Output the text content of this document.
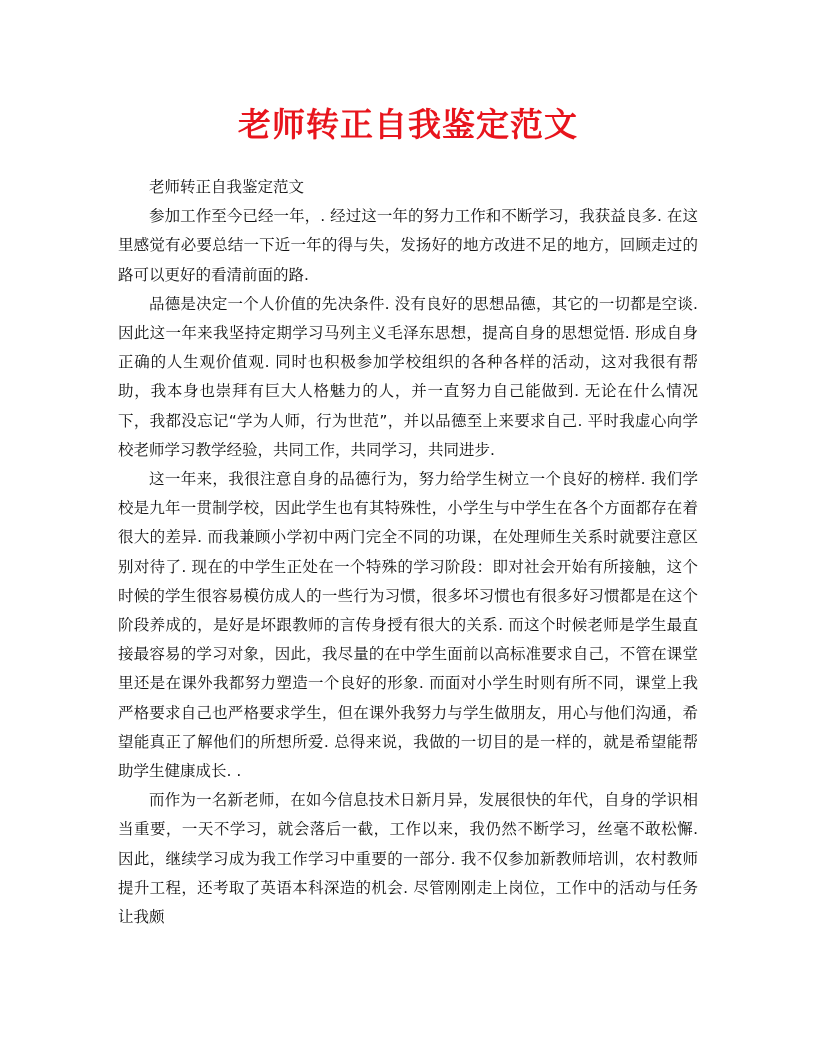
老师转正自我鉴定范文

老师转正自我鉴定范文

参加工作至今已经一年，. 经过这一年的努力工作和不断学习，我获益良多. 在这里感觉有必要总结一下近一年的得与失，发扬好的地方改进不足的地方，回顾走过的路可以更好的看清前面的路.

品德是决定一个人价值的先决条件. 没有良好的思想品德，其它的一切都是空谈. 因此这一年来我坚持定期学习马列主义毛泽东思想，提高自身的思想觉悟. 形成自身正确的人生观价值观. 同时也积极参加学校组织的各种各样的活动，这对我很有帮助，我本身也崇拜有巨大人格魅力的人，并一直努力自己能做到. 无论在什么情况下，我都没忘记“学为人师，行为世范”，并以品德至上来要求自己. 平时我虚心向学校老师学习教学经验，共同工作，共同学习，共同进步.

这一年来，我很注意自身的品德行为，努力给学生树立一个良好的榜样. 我们学校是九年一贯制学校，因此学生也有其特殊性，小学生与中学生在各个方面都存在着很大的差异. 而我兼顾小学初中两门完全不同的功课，在处理师生关系时就要注意区别对待了. 现在的中学生正处在一个特殊的学习阶段：即对社会开始有所接触，这个时候的学生很容易模仿成人的一些行为习惯，很多坏习惯也有很多好习惯都是在这个阶段养成的，是好是坏跟教师的言传身授有很大的关系. 而这个时候老师是学生最直接最容易的学习对象，因此，我尽量的在中学生面前以高标准要求自己，不管在课堂里还是在课外我都努力塑造一个良好的形象. 而面对小学生时则有所不同，课堂上我严格要求自己也严格要求学生，但在课外我努力与学生做朋友，用心与他们沟通，希望能真正了解他们的所想所爱. 总得来说，我做的一切目的是一样的，就是希望能帮助学生健康成长. .

而作为一名新老师，在如今信息技术日新月异，发展很快的年代，自身的学识相当重要，一天不学习，就会落后一截，工作以来，我仍然不断学习，丝毫不敢松懈. 因此，继续学习成为我工作学习中重要的一部分. 我不仅参加新教师培训，农村教师提升工程，还考取了英语本科深造的机会. 尽管刚刚走上岗位，工作中的活动与任务让我颇
